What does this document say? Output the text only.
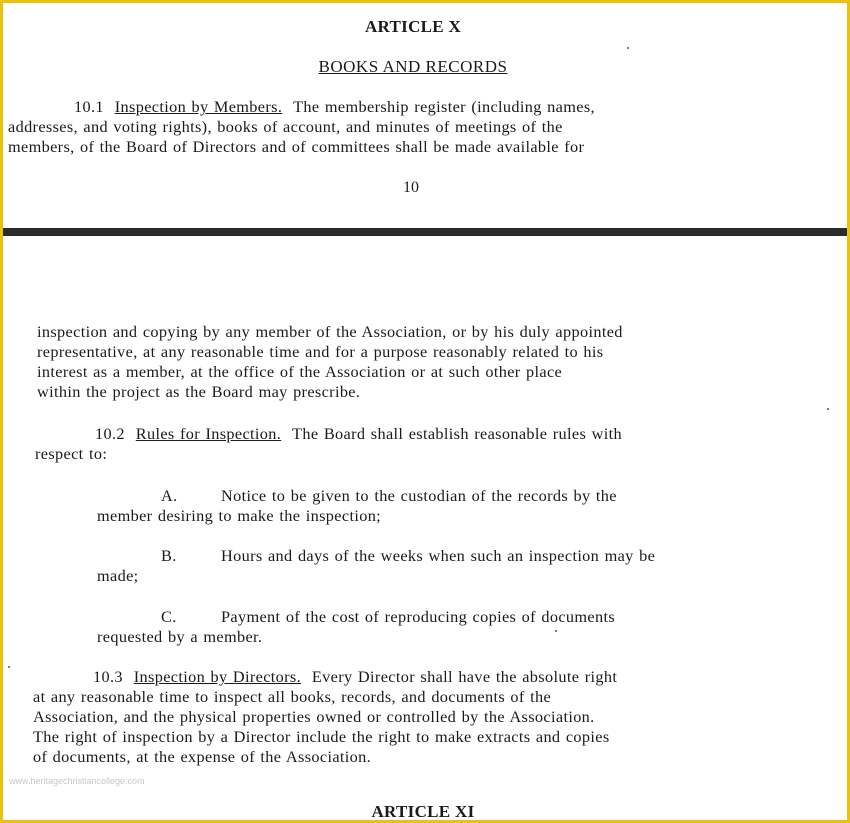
ARTICLE X
BOOKS AND RECORDS
10.1 Inspection by Members. The membership register (including names,
addresses, and voting rights), books of account, and minutes of meetings of the
members, of the Board of Directors and of committees shall be made available for
10
inspection and copying by any member of the Association, or by his duly appointed
representative, at any reasonable time and for a purpose reasonably related to his
interest as a member, at the office of the Association or at such other place
within the project as the Board may prescribe.
10.2 Rules for Inspection. The Board shall establish reasonable rules with
respect to:
A.	Notice to be given to the custodian of the records by the
member desiring to make the inspection;
B.	Hours and days of the weeks when such an inspection may be
made;
C.	Payment of the cost of reproducing copies of documents
requested by a member.
10.3 Inspection by Directors. Every Director shall have the absolute right
at any reasonable time to inspect all books, records, and documents of the
Association, and the physical properties owned or controlled by the Association.
The right of inspection by a Director include the right to make extracts and copies
of documents, at the expense of the Association.
www.heritagechristiancollege.com
ARTICLE XI
